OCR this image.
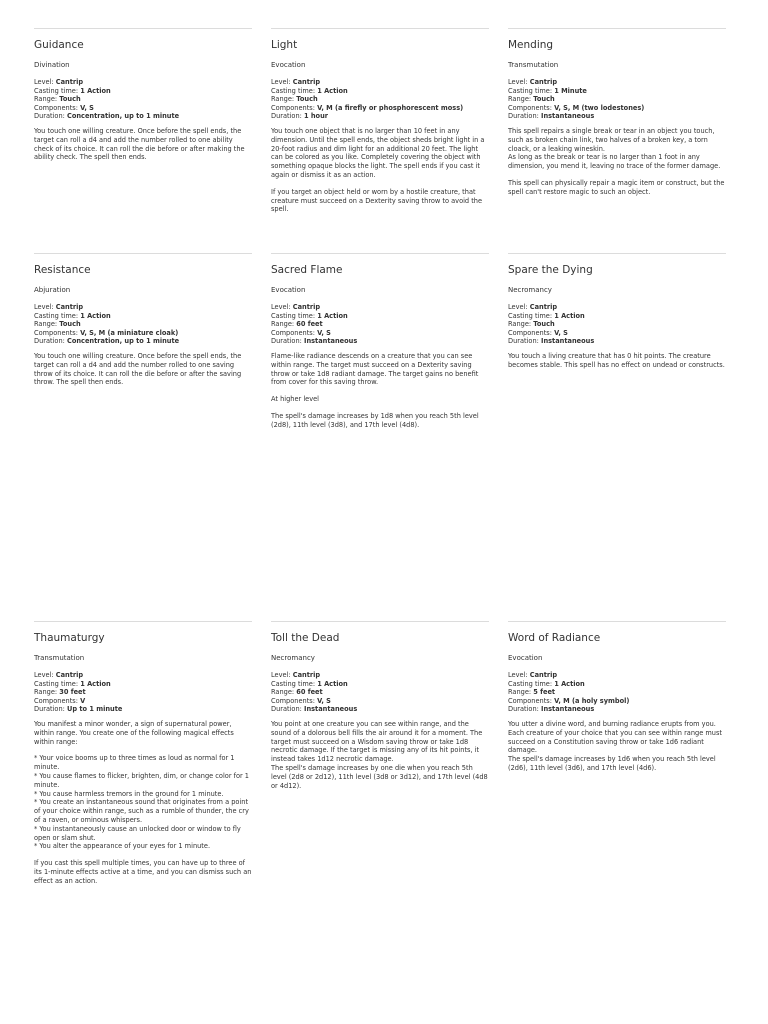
Guidance
Divination
Level: Cantrip
Casting time: 1 Action
Range: Touch
Components: V, S
Duration: Concentration, up to 1 minute

You touch one willing creature. Once before the spell ends, the target can roll a d4 and add the number rolled to one ability check of its choice. It can roll the die before or after making the ability check. The spell then ends.

Light
Evocation
Level: Cantrip
Casting time: 1 Action
Range: Touch
Components: V, M (a firefly or phosphorescent moss)
Duration: 1 hour

You touch one object that is no larger than 10 feet in any dimension. Until the spell ends, the object sheds bright light in a 20-foot radius and dim light for an additional 20 feet. The light can be colored as you like. Completely covering the object with something opaque blocks the light. The spell ends if you cast it again or dismiss it as an action.

If you target an object held or worn by a hostile creature, that creature must succeed on a Dexterity saving throw to avoid the spell.

Mending
Transmutation
Level: Cantrip
Casting time: 1 Minute
Range: Touch
Components: V, S, M (two lodestones)
Duration: Instantaneous

This spell repairs a single break or tear in an object you touch, such as broken chain link, two halves of a broken key, a torn cloack, or a leaking wineskin.
As long as the break or tear is no larger than 1 foot in any dimension, you mend it, leaving no trace of the former damage.

This spell can physically repair a magic item or construct, but the spell can't restore magic to such an object.

Resistance
Abjuration
Level: Cantrip
Casting time: 1 Action
Range: Touch
Components: V, S, M (a miniature cloak)
Duration: Concentration, up to 1 minute

You touch one willing creature. Once before the spell ends, the target can roll a d4 and add the number rolled to one saving throw of its choice. It can roll the die before or after the saving throw. The spell then ends.

Sacred Flame
Evocation
Level: Cantrip
Casting time: 1 Action
Range: 60 feet
Components: V, S
Duration: Instantaneous

Flame-like radiance descends on a creature that you can see within range. The target must succeed on a Dexterity saving throw or take 1d8 radiant damage. The target gains no benefit from cover for this saving throw.

At higher level

The spell's damage increases by 1d8 when you reach 5th level (2d8), 11th level (3d8), and 17th level (4d8).

Spare the Dying
Necromancy
Level: Cantrip
Casting time: 1 Action
Range: Touch
Components: V, S
Duration: Instantaneous

You touch a living creature that has 0 hit points. The creature becomes stable. This spell has no effect on undead or constructs.

Thaumaturgy
Transmutation
Level: Cantrip
Casting time: 1 Action
Range: 30 feet
Components: V
Duration: Up to 1 minute

You manifest a minor wonder, a sign of supernatural power, within range. You create one of the following magical effects within range:

* Your voice booms up to three times as loud as normal for 1 minute.
* You cause flames to flicker, brighten, dim, or change color for 1 minute.
* You cause harmless tremors in the ground for 1 minute.
* You create an instantaneous sound that originates from a point of your choice within range, such as a rumble of thunder, the cry of a raven, or ominous whispers.
* You instantaneously cause an unlocked door or window to fly open or slam shut.
* You alter the appearance of your eyes for 1 minute.

If you cast this spell multiple times, you can have up to three of its 1-minute effects active at a time, and you can dismiss such an effect as an action.

Toll the Dead
Necromancy
Level: Cantrip
Casting time: 1 Action
Range: 60 feet
Components: V, S
Duration: Instantaneous

You point at one creature you can see within range, and the sound of a dolorous bell fills the air around it for a moment. The target must succeed on a Wisdom saving throw or take 1d8 necrotic damage. If the target is missing any of its hit points, it instead takes 1d12 necrotic damage.
The spell's damage increases by one die when you reach 5th level (2d8 or 2d12), 11th level (3d8 or 3d12), and 17th level (4d8 or 4d12).

Word of Radiance
Evocation
Level: Cantrip
Casting time: 1 Action
Range: 5 feet
Components: V, M (a holy symbol)
Duration: Instantaneous

You utter a divine word, and burning radiance erupts from you. Each creature of your choice that you can see within range must succeed on a Constitution saving throw or take 1d6 radiant damage.
The spell's damage increases by 1d6 when you reach 5th level (2d6), 11th level (3d6), and 17th level (4d6).
